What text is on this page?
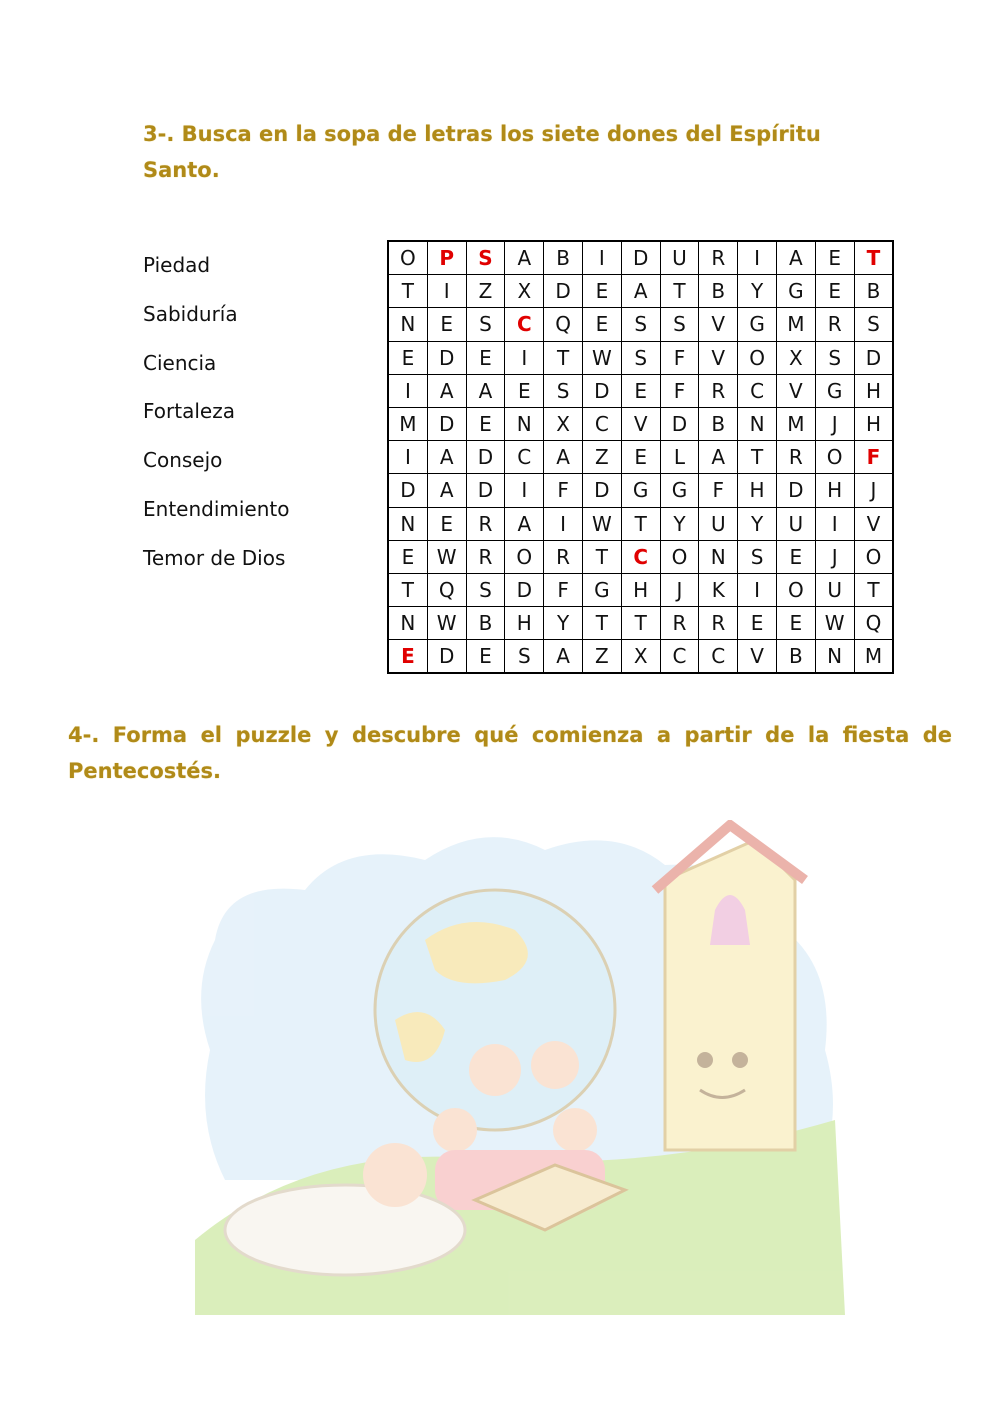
3-. Busca en la sopa de letras los siete dones del Espíritu Santo.
Piedad
Sabiduría
Ciencia
Fortaleza
Consejo
Entendimiento
Temor de Dios
O	P	S	A	B	I	D	U	R	I	A	E	T
T	I	Z	X	D	E	A	T	B	Y	G	E	B
N	E	S	C	Q	E	S	S	V	G	M	R	S
E	D	E	I	T	W	S	F	V	O	X	S	D
I	A	A	E	S	D	E	F	R	C	V	G	H
M	D	E	N	X	C	V	D	B	N	M	J	H
I	A	D	C	A	Z	E	L	A	T	R	O	F
D	A	D	I	F	D	G	G	F	H	D	H	J
N	E	R	A	I	W	T	Y	U	Y	U	I	V
E	W	R	O	R	T	C	O	N	S	E	J	O
T	Q	S	D	F	G	H	J	K	I	O	U	T
N	W	B	H	Y	T	T	R	R	E	E	W	Q
E	D	E	S	A	Z	X	C	C	V	B	N	M
4-. Forma el puzzle y descubre qué comienza a partir de la fiesta de Pentecostés.
